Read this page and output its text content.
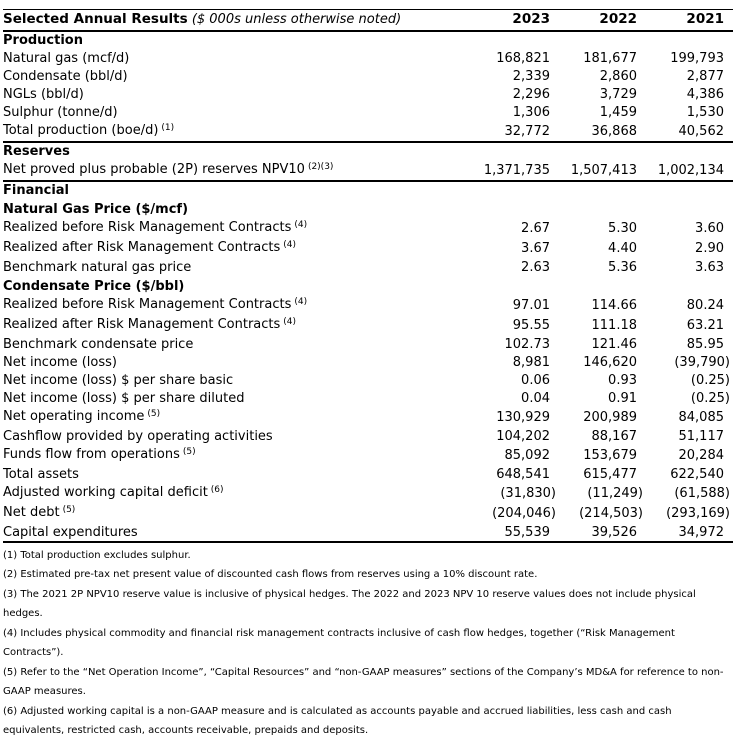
Selected Annual Results ($ 000s unless otherwise noted)	2023	2022	2021
Production			
Natural gas (mcf/d)	168,821	181,677	199,793
Condensate (bbl/d)	2,339	2,860	2,877
NGLs (bbl/d)	2,296	3,729	4,386
Sulphur (tonne/d)	1,306	1,459	1,530
Total production (boe/d) $^{(1)}$	32,772	36,868	40,562
Reserves			
Net proved plus probable (2P) reserves NPV10 $^{(2)(3)}$	1,371,735	1,507,413	1,002,134
Financial			
Natural Gas Price ($/mcf)			
Realized before Risk Management Contracts $^{(4)}$	2.67	5.30	3.60
Realized after Risk Management Contracts $^{(4)}$	3.67	4.40	2.90
Benchmark natural gas price	2.63	5.36	3.63
Condensate Price ($/bbl)			
Realized before Risk Management Contracts $^{(4)}$	97.01	114.66	80.24
Realized after Risk Management Contracts $^{(4)}$	95.55	111.18	63.21
Benchmark condensate price	102.73	121.46	85.95
Net income (loss)	8,981	146,620	(39,790)
Net income (loss) $ per share basic	0.06	0.93	(0.25)
Net income (loss) $ per share diluted	0.04	0.91	(0.25)
Net operating income $^{(5)}$	130,929	200,989	84,085
Cashflow provided by operating activities	104,202	88,167	51,117
Funds flow from operations $^{(5)}$	85,092	153,679	20,284
Total assets	648,541	615,477	622,540
Adjusted working capital deficit $^{(6)}$	(31,830)	(11,249)	(61,588)
Net debt $^{(5)}$	(204,046)	(214,503)	(293,169)
Capital expenditures	55,539	39,526	34,972

(1) Total production excludes sulphur.

(2) Estimated pre-tax net present value of discounted cash flows from reserves using a 10% discount rate.

(3) The 2021 2P NPV10 reserve value is inclusive of physical hedges. The 2022 and 2023 NPV 10 reserve values does not include physical hedges.

(4) Includes physical commodity and financial risk management contracts inclusive of cash flow hedges, together (“Risk Management Contracts”).

(5) Refer to the “Net Operation Income”, “Capital Resources” and “non-GAAP measures” sections of the Company’s MD&A for reference to non-GAAP measures.

(6) Adjusted working capital is a non-GAAP measure and is calculated as accounts payable and accrued liabilities, less cash and cash equivalents, restricted cash, accounts receivable, prepaids and deposits.
